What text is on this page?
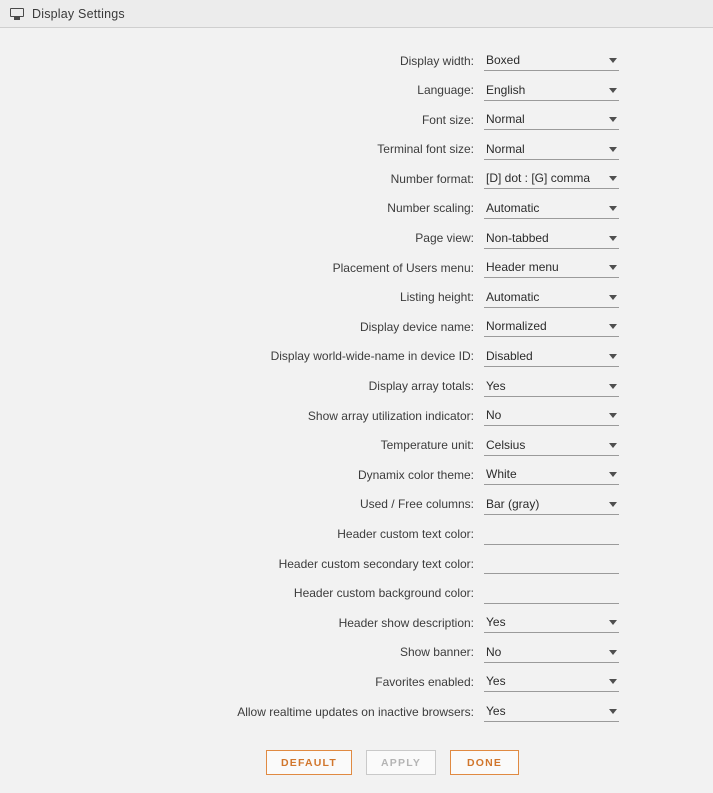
Display Settings
Display width:	Boxed
Language:	English
Font size:	Normal
Terminal font size:	Normal
Number format:	[D] dot : [G] comma
Number scaling:	Automatic
Page view:	Non-tabbed
Placement of Users menu:	Header menu
Listing height:	Automatic
Display device name:	Normalized
Display world-wide-name in device ID:	Disabled
Display array totals:	Yes
Show array utilization indicator:	No
Temperature unit:	Celsius
Dynamix color theme:	White
Used / Free columns:	Bar (gray)
Header custom text color:
Header custom secondary text color:
Header custom background color:
Header show description:	Yes
Show banner:	No
Favorites enabled:	Yes
Allow realtime updates on inactive browsers:	Yes
DEFAULT	APPLY	DONE
